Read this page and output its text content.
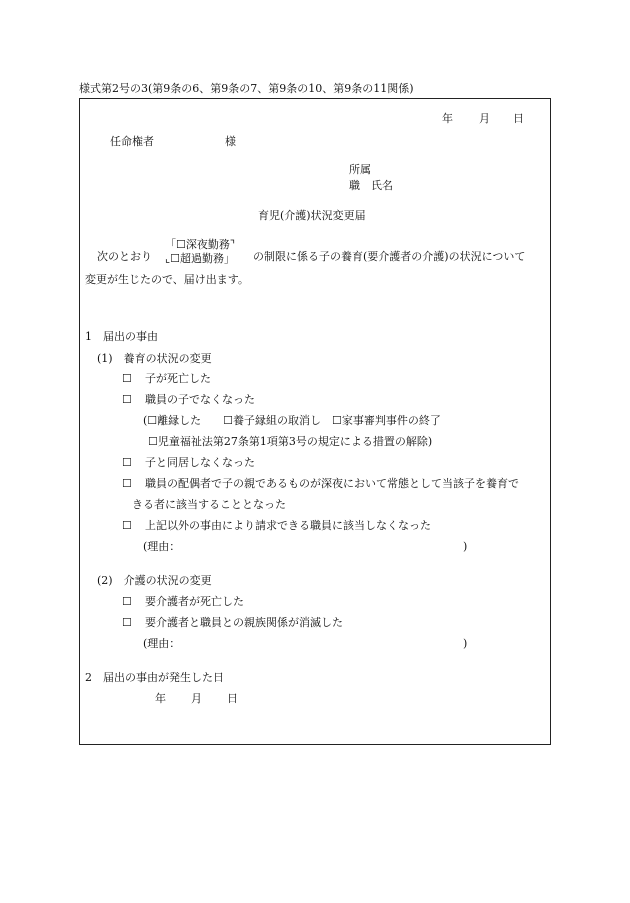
様式第2号の3(第9条の6、第9条の7、第9条の10、第9条の11関係)
年 月 日
任命権者	様
所属
職　氏名
育児(介護)状況変更届
次のとおり
「☐深夜勤務⌝
⌞☐超過勤務」 の制限に係る子の養育(要介護者の介護)の状況について
変更が生じたので、届け出ます。
1　届出の事由
(1)　養育の状況の変更
☐　 子が死亡した
☐　 職員の子でなくなった
(☐離縁した　　☐養子縁組の取消し　☐家事審判事件の終了
☐児童福祉法第27条第1項第3号の規定による措置の解除)
☐　 子と同居しなくなった
☐　 職員の配偶者で子の親であるものが深夜において常態として当該子を養育で
きる者に該当することとなった
☐　 上記以外の事由により請求できる職員に該当しなくなった
(理由：	)
(2)　介護の状況の変更
☐　 要介護者が死亡した
☐　 要介護者と職員との親族関係が消滅した
(理由：	)
2　届出の事由が発生した日
年 月 日
